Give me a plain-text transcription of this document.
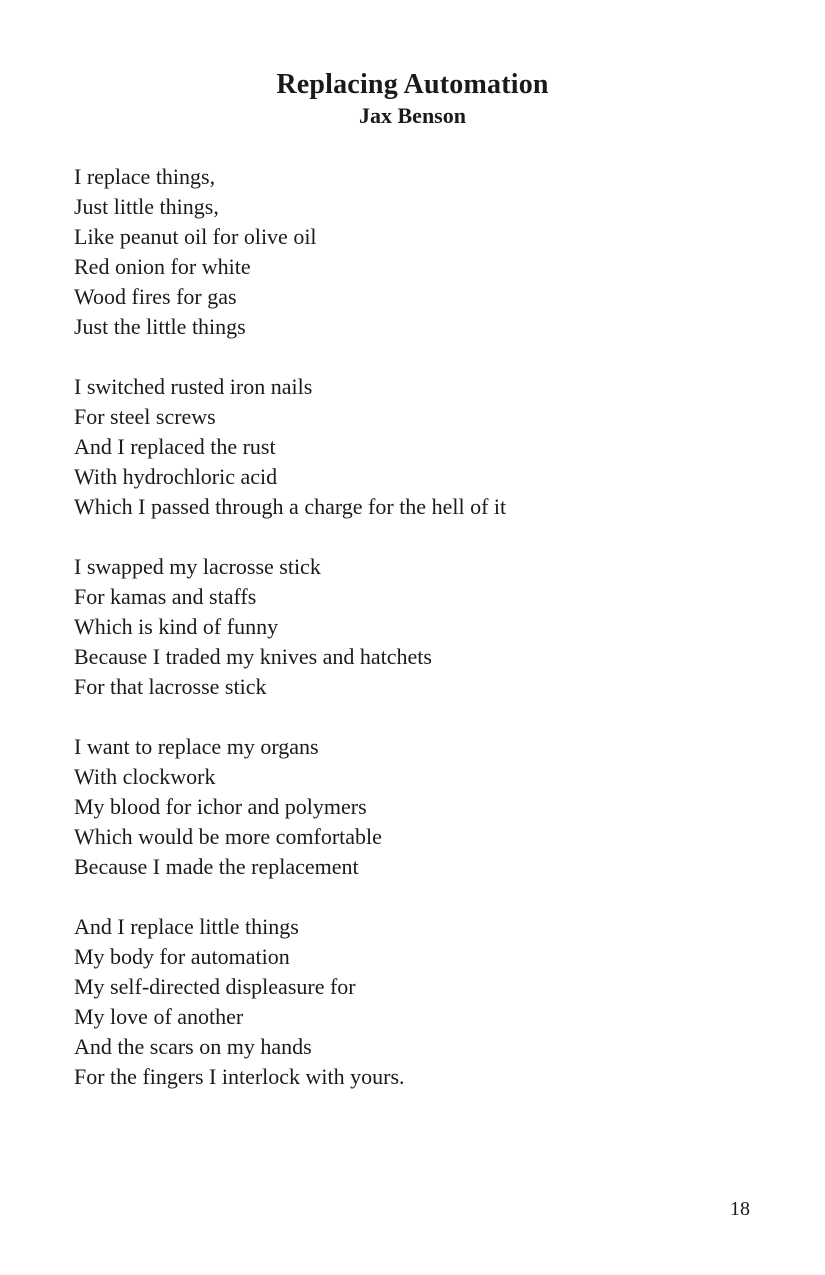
Replacing Automation
Jax Benson
I replace things,
Just little things,
Like peanut oil for olive oil
Red onion for white
Wood fires for gas
Just the little things
I switched rusted iron nails
For steel screws
And I replaced the rust
With hydrochloric acid
Which I passed through a charge for the hell of it
I swapped my lacrosse stick
For kamas and staffs
Which is kind of funny
Because I traded my knives and hatchets
For that lacrosse stick
I want to replace my organs
With clockwork
My blood for ichor and polymers
Which would be more comfortable
Because I made the replacement
And I replace little things
My body for automation
My self-directed displeasure for
My love of another
And the scars on my hands
For the fingers I interlock with yours.
18
